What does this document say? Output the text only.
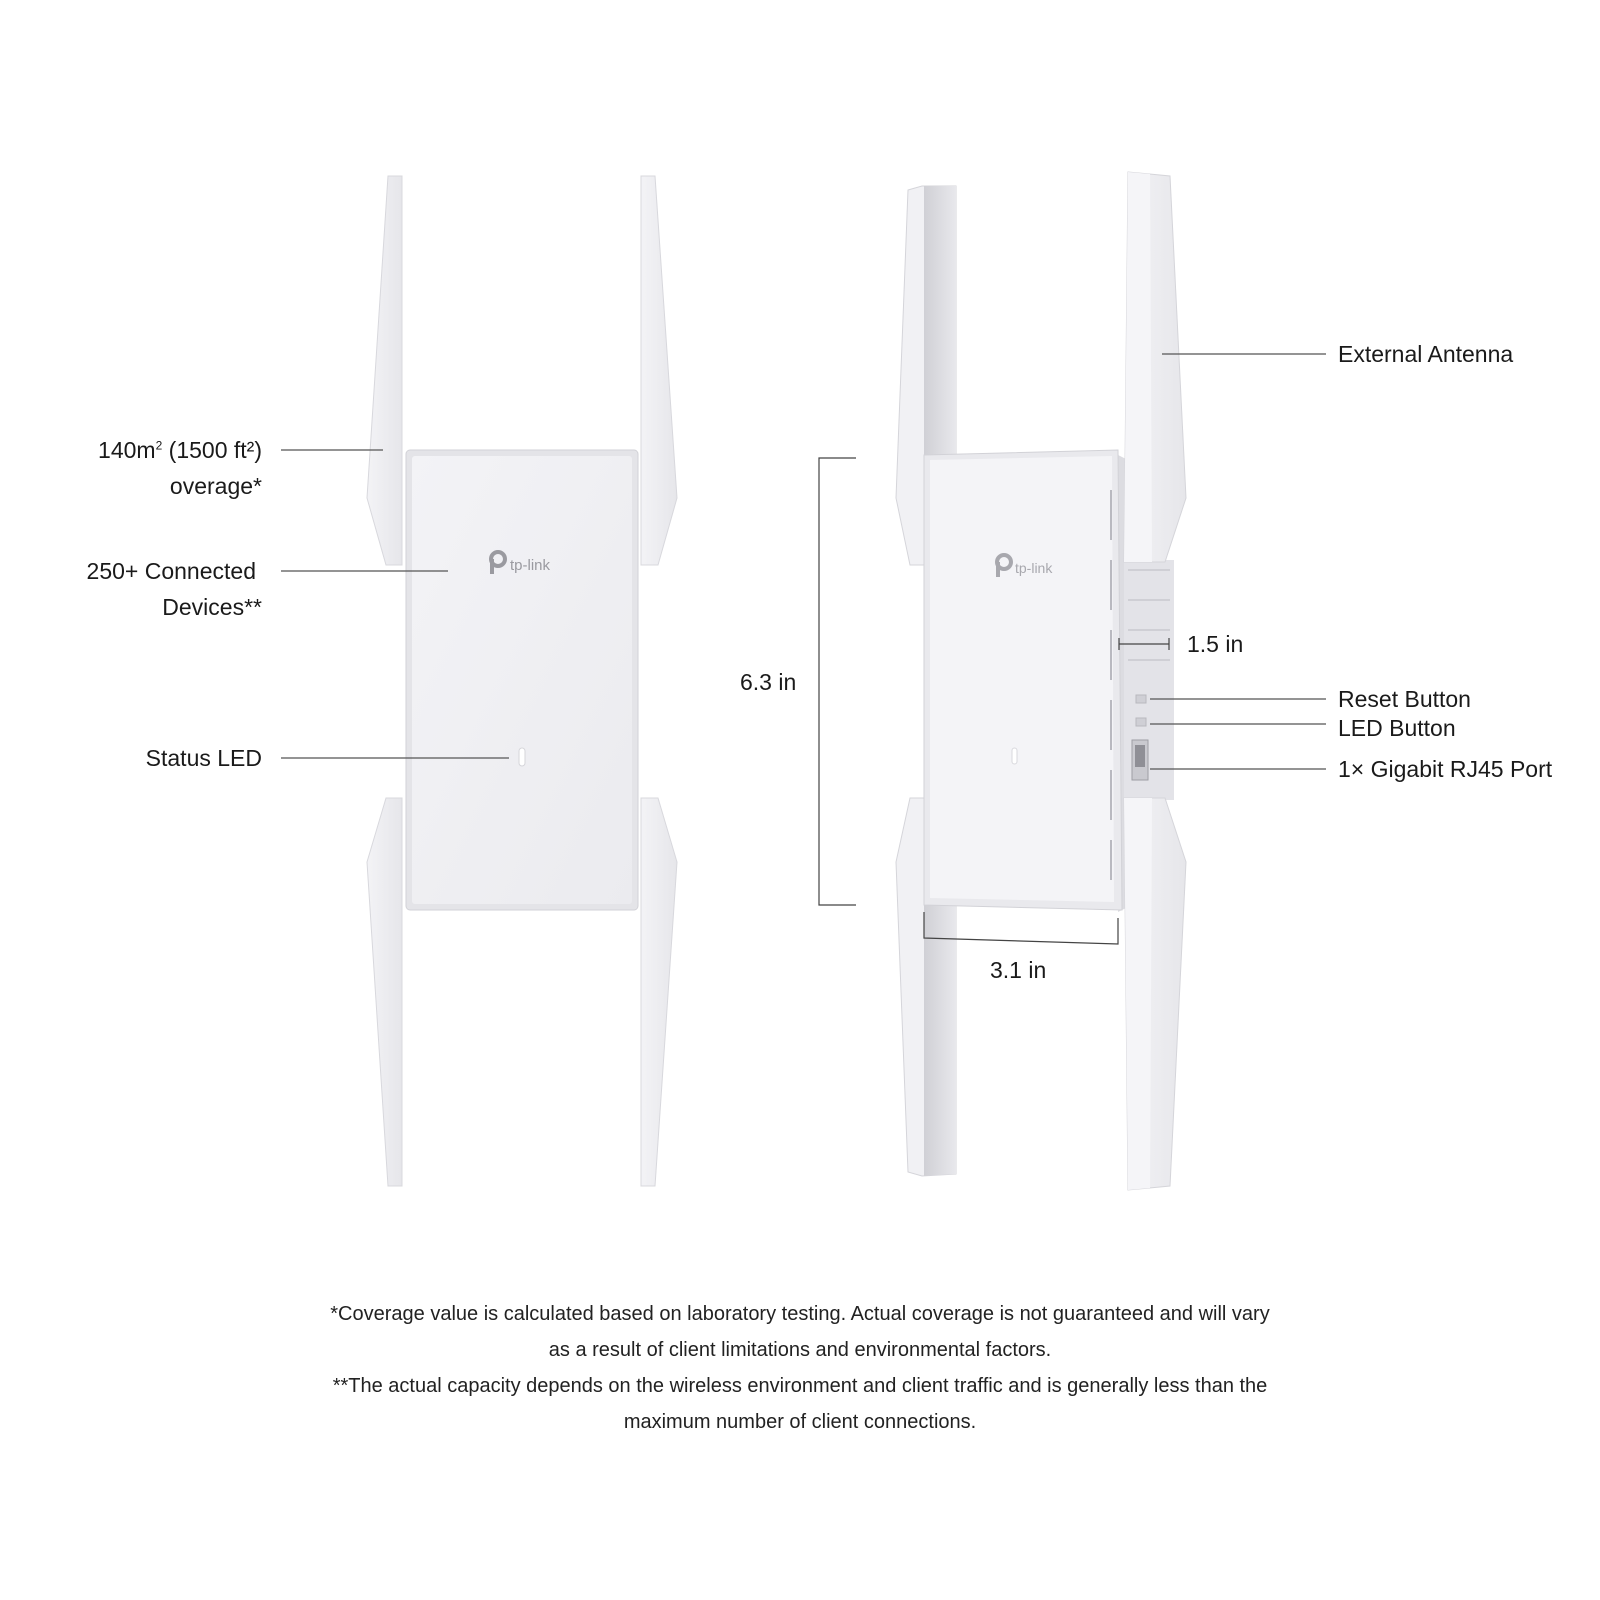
tp-link	tp-link
$140m^2$ (1500 ft²)
overage*
250+ Connected
Devices**
Status LED
External Antenna
1.5 in
6.3 in
Reset Button
LED Button
1× Gigabit RJ45 Port
3.1 in

*Coverage value is calculated based on laboratory testing. Actual coverage is not guaranteed and will vary

as a result of client limitations and environmental factors.

**The actual capacity depends on the wireless environment and client traffic and is generally less than the

maximum number of client connections.
